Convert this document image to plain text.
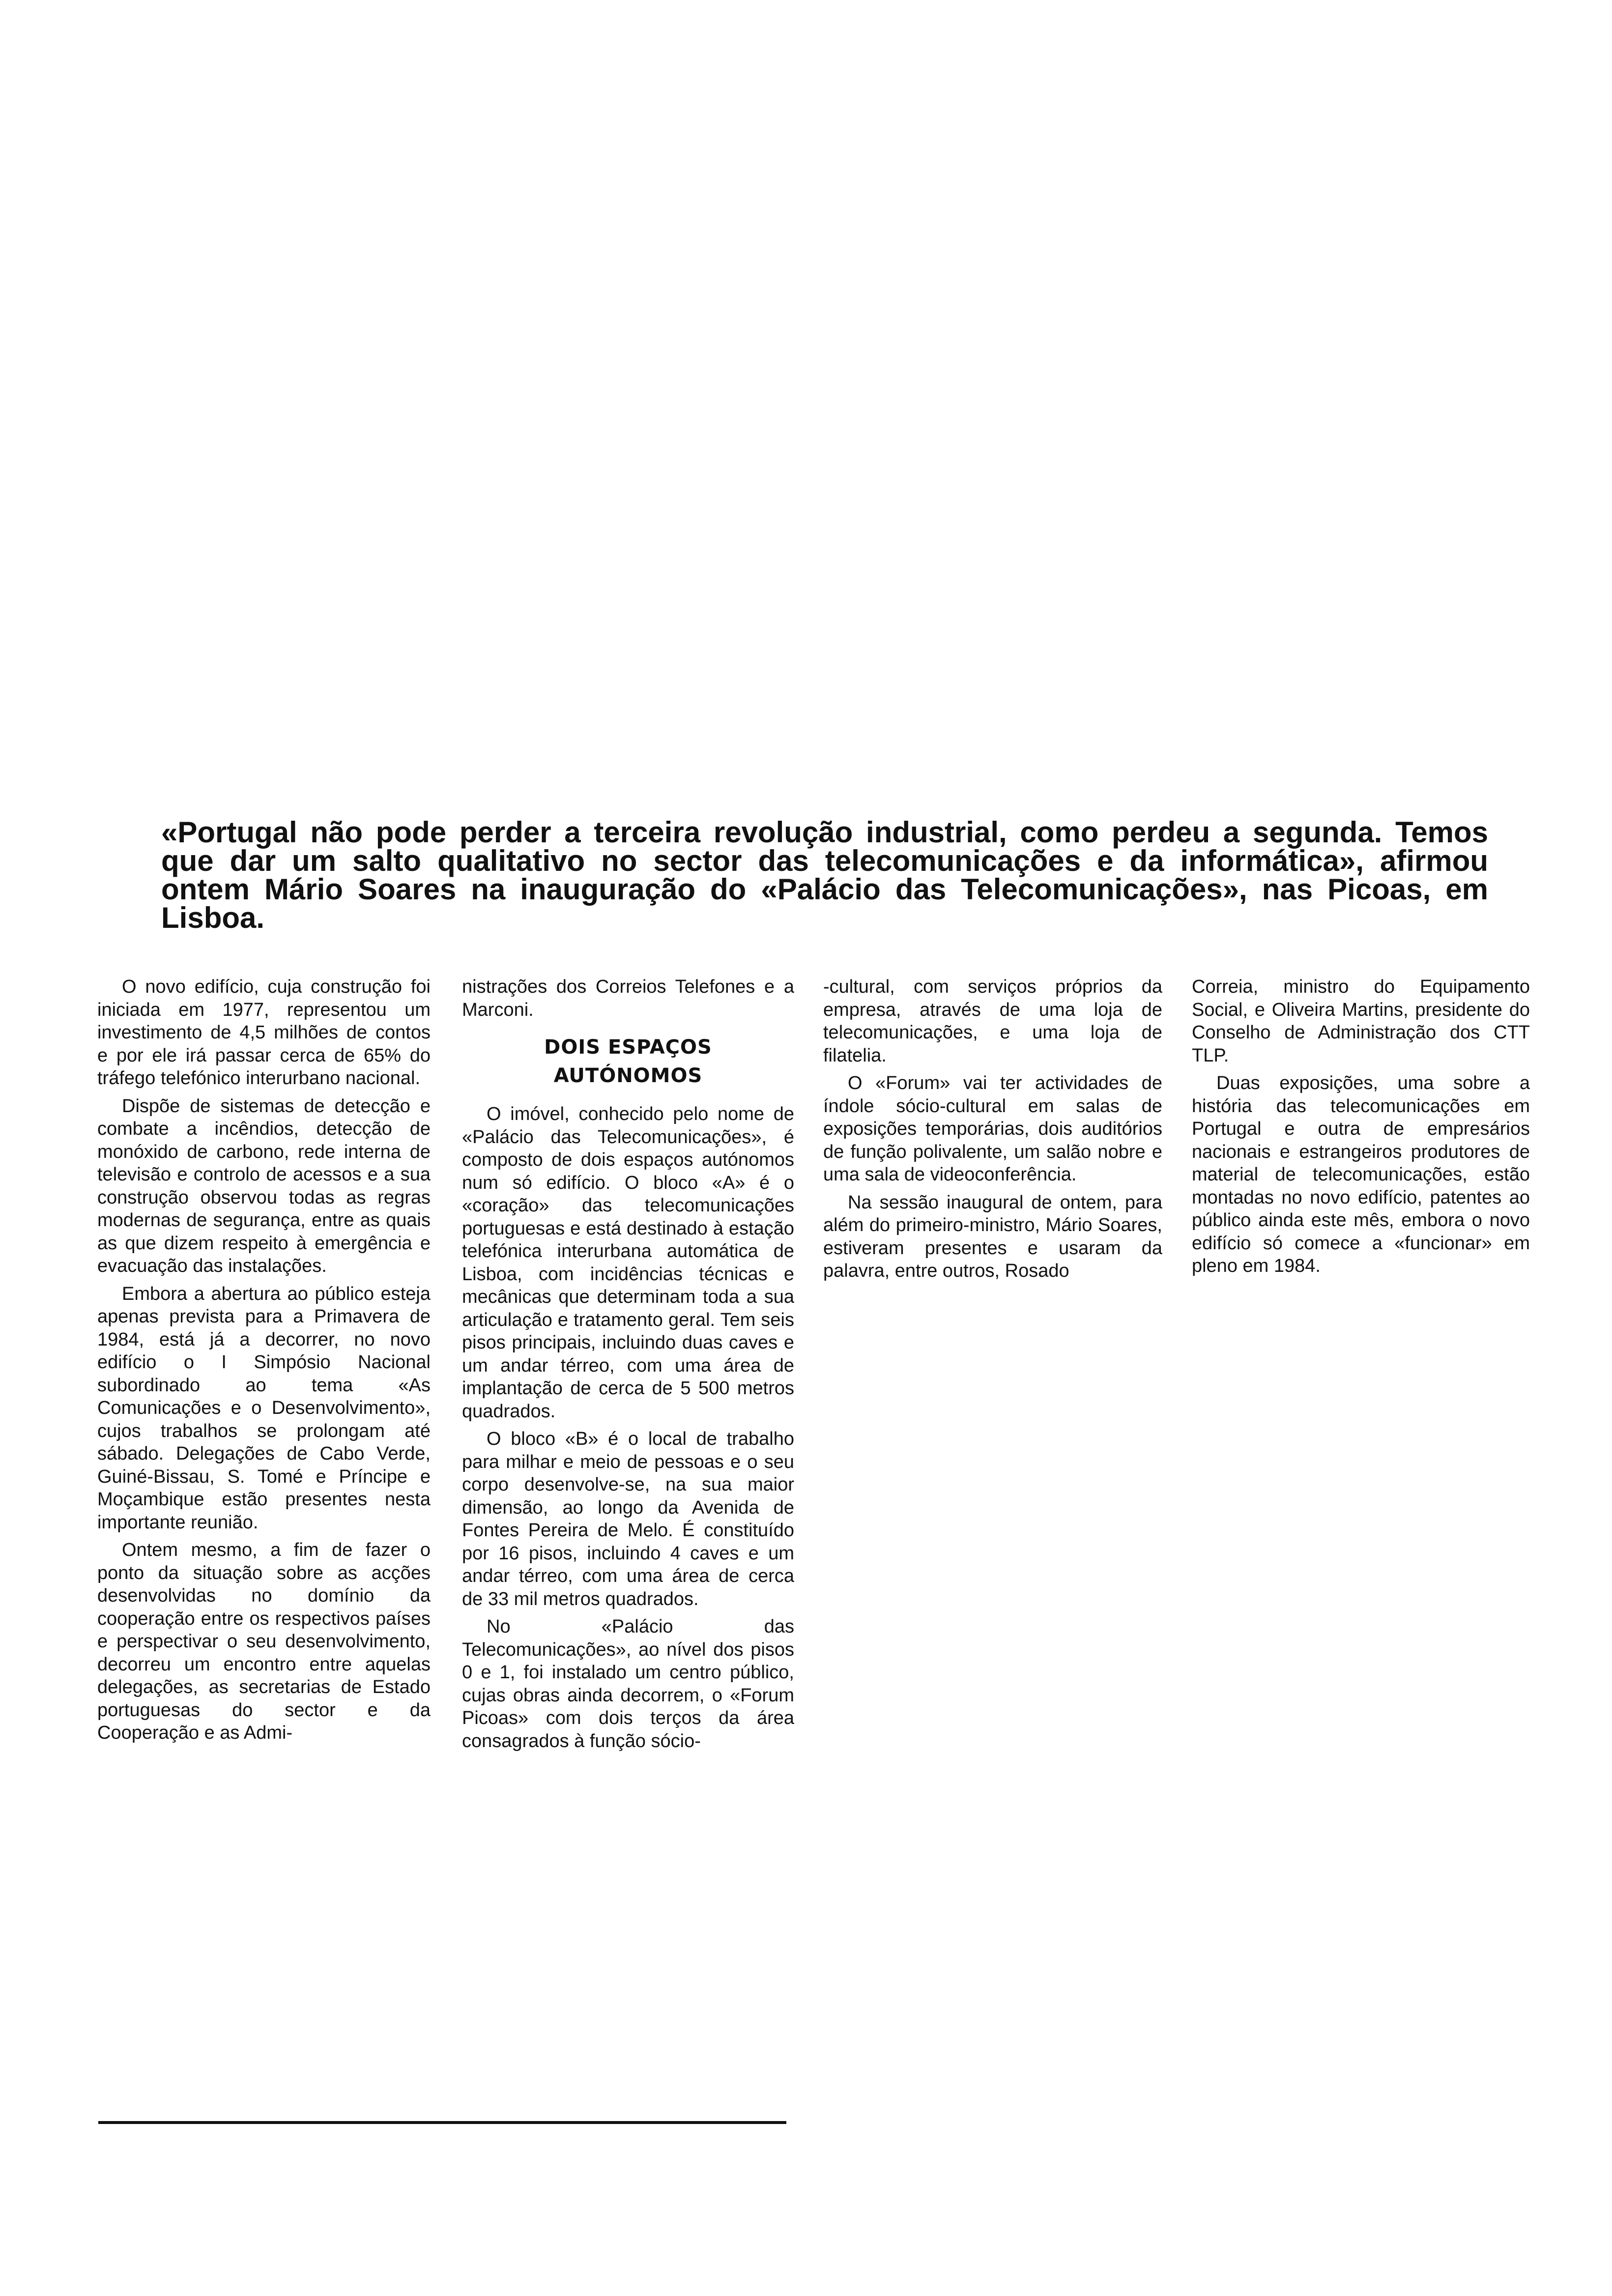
«Portugal não pode perder a terceira revolução industrial, como perdeu a segunda. Temos que dar um salto qualitativo no sector das telecomunicações e da informática», afirmou ontem Mário Soares na inauguração do «Palácio das Telecomunicações», nas Picoas, em Lisboa.

O novo edifício, cuja construção foi iniciada em 1977, representou um investimento de 4,5 milhões de contos e por ele irá passar cerca de 65% do tráfego telefónico interurbano nacional.

Dispõe de sistemas de detecção e combate a incêndios, detecção de monóxido de carbono, rede interna de televisão e controlo de acessos e a sua construção observou todas as regras modernas de segurança, entre as quais as que dizem respeito à emergência e evacuação das instalações.

Embora a abertura ao público esteja apenas prevista para a Primavera de 1984, está já a decorrer, no novo edifício o I Simpósio Nacional subordinado ao tema «As Comunicações e o Desenvolvimento», cujos trabalhos se prolongam até sábado. Delegações de Cabo Verde, Guiné-Bissau, S. Tomé e Príncipe e Moçambique estão presentes nesta importante reunião.

Ontem mesmo, a fim de fazer o ponto da situação sobre as acções desenvolvidas no domínio da cooperação entre os respectivos países e perspectivar o seu desenvolvimento, decorreu um encontro entre aquelas delegações, as secretarias de Estado portuguesas do sector e da Cooperação e as Admi-

nistrações dos Correios Telefones e a Marconi.

DOIS ESPAÇOS
AUTÓNOMOS

O imóvel, conhecido pelo nome de «Palácio das Telecomunicações», é composto de dois espaços autónomos num só edifício. O bloco «A» é o «coração» das telecomunicações portuguesas e está destinado à estação telefónica interurbana automática de Lisboa, com incidências técnicas e mecânicas que determinam toda a sua articulação e tratamento geral. Tem seis pisos principais, incluindo duas caves e um andar térreo, com uma área de implantação de cerca de 5 500 metros quadrados.

O bloco «B» é o local de trabalho para milhar e meio de pessoas e o seu corpo desenvolve-se, na sua maior dimensão, ao longo da Avenida de Fontes Pereira de Melo. É constituído por 16 pisos, incluindo 4 caves e um andar térreo, com uma área de cerca de 33 mil metros quadrados.

No «Palácio das Telecomunicações», ao nível dos pisos 0 e 1, foi instalado um centro público, cujas obras ainda decorrem, o «Forum Picoas» com dois terços da área consagrados à função sócio-

-cultural, com serviços próprios da empresa, através de uma loja de telecomunicações, e uma loja de filatelia.

O «Forum» vai ter actividades de índole sócio-cultural em salas de exposições temporárias, dois auditórios de função polivalente, um salão nobre e uma sala de videoconferência.

Na sessão inaugural de ontem, para além do primeiro-ministro, Mário Soares, estiveram presentes e usaram da palavra, entre outros, Rosado

Correia, ministro do Equipamento Social, e Oliveira Martins, presidente do Conselho de Administração dos CTT TLP.

Duas exposições, uma sobre a história das telecomunicações em Portugal e outra de empresários nacionais e estrangeiros produtores de material de telecomunicações, estão montadas no novo edifício, patentes ao público ainda este mês, embora o novo edifício só comece a «funcionar» em pleno em 1984.
